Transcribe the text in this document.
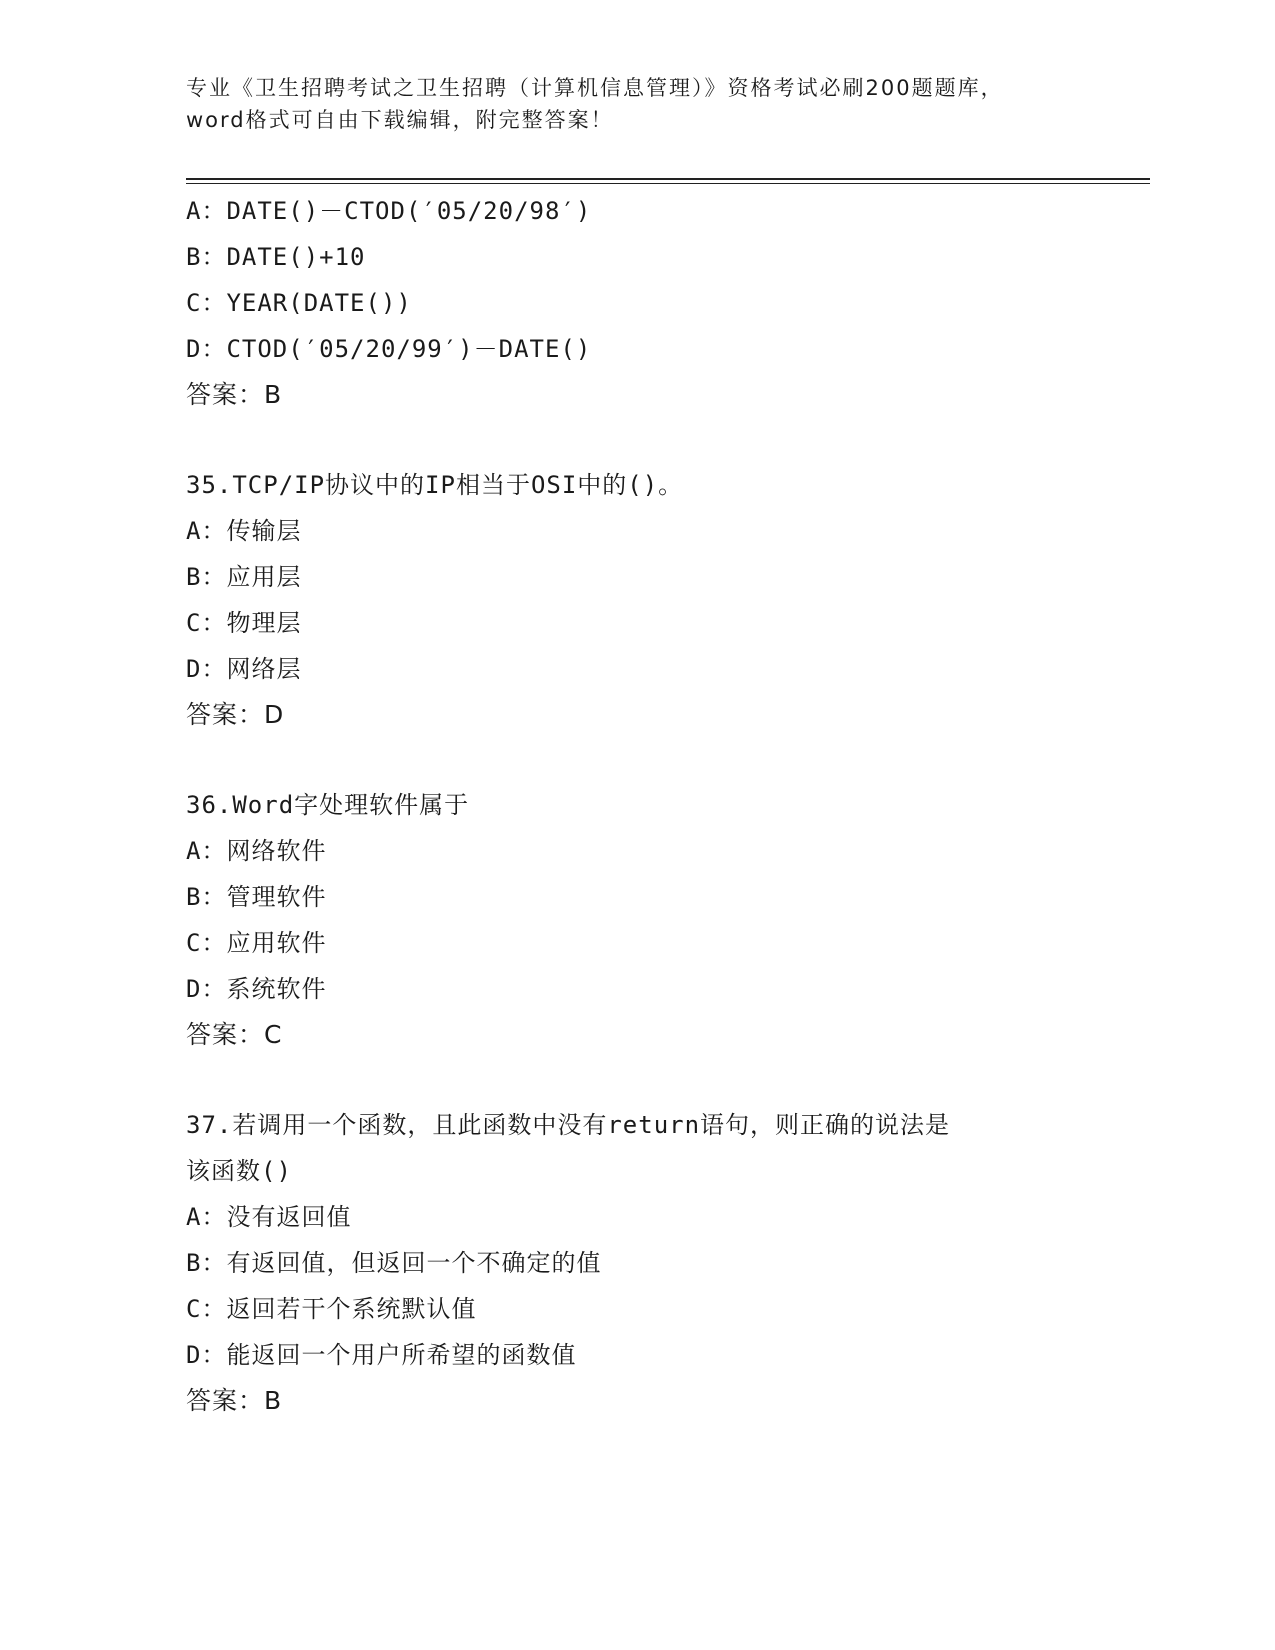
专业《卫生招聘考试之卫生招聘（计算机信息管理）》资格考试必刷200题题库，
word格式可自由下载编辑，附完整答案！
A：DATE()－CTOD(′05/20/98′)
B：DATE()+10
C：YEAR(DATE())
D：CTOD(′05/20/99′)－DATE()
答案：B
35.TCP/IP协议中的IP相当于OSI中的()。
A：传输层
B：应用层
C：物理层
D：网络层
答案：D
36.Word字处理软件属于
A：网络软件
B：管理软件
C：应用软件
D：系统软件
答案：C
37.若调用一个函数，且此函数中没有return语句，则正确的说法是
该函数()
A：没有返回值
B：有返回值，但返回一个不确定的值
C：返回若干个系统默认值
D：能返回一个用户所希望的函数值
答案：B
